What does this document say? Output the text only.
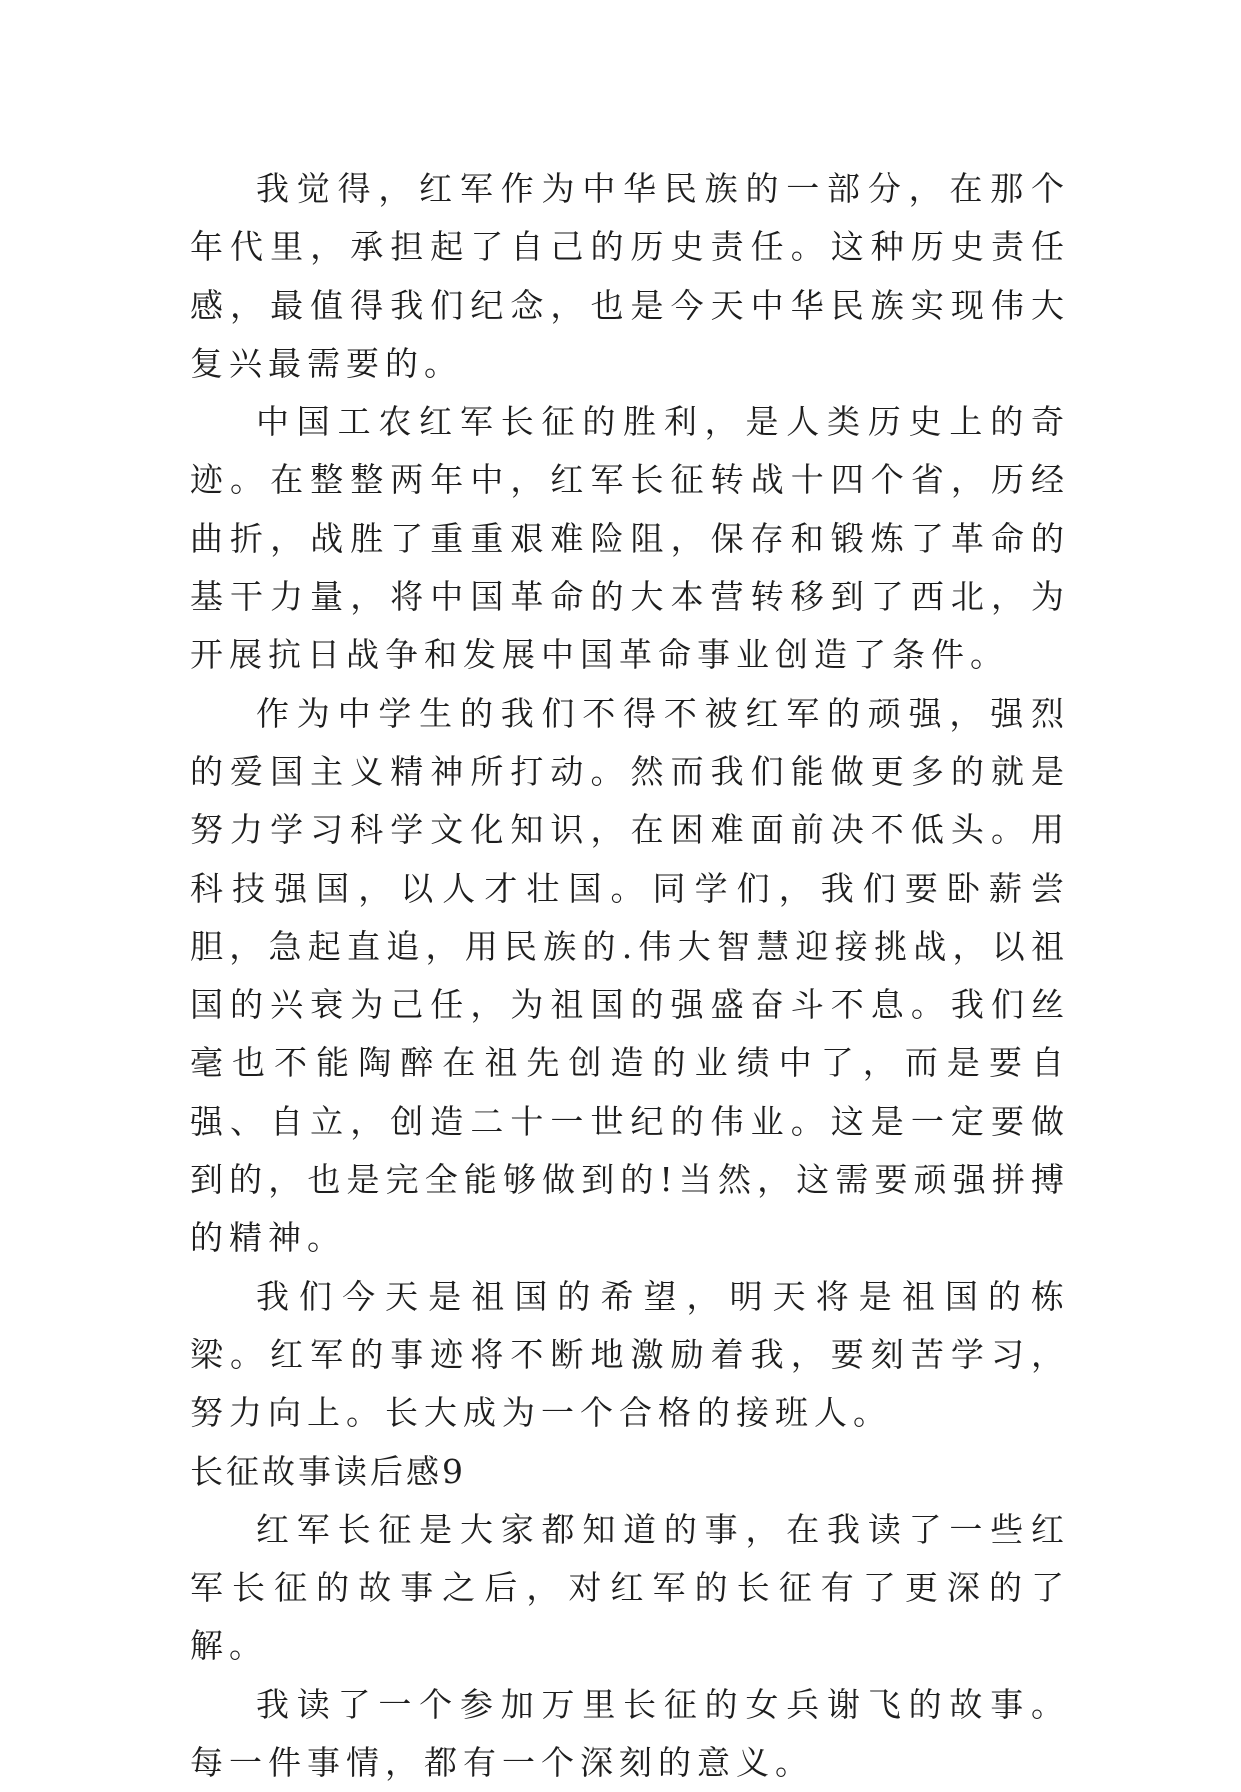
我觉得，红军作为中华民族的一部分，在那个年代里，承担起了自己的历史责任。这种历史责任感，最值得我们纪念，也是今天中华民族实现伟大复兴最需要的。

中国工农红军长征的胜利，是人类历史上的奇迹。在整整两年中，红军长征转战十四个省，历经曲折，战胜了重重艰难险阻，保存和锻炼了革命的基干力量，将中国革命的大本营转移到了西北，为开展抗日战争和发展中国革命事业创造了条件。

作为中学生的我们不得不被红军的顽强，强烈的爱国主义精神所打动。然而我们能做更多的就是努力学习科学文化知识，在困难面前决不低头。用科技强国，以人才壮国。同学们，我们要卧薪尝胆，急起直追，用民族的.伟大智慧迎接挑战，以祖国的兴衰为己任，为祖国的强盛奋斗不息。我们丝毫也不能陶醉在祖先创造的业绩中了，而是要自强、自立，创造二十一世纪的伟业。这是一定要做到的，也是完全能够做到的!当然，这需要顽强拼搏的精神。

我们今天是祖国的希望，明天将是祖国的栋梁。红军的事迹将不断地激励着我，要刻苦学习，努力向上。长大成为一个合格的接班人。

长征故事读后感9

红军长征是大家都知道的事，在我读了一些红军长征的故事之后，对红军的长征有了更深的了解。

我读了一个参加万里长征的女兵谢飞的故事。每一件事情，都有一个深刻的意义。
